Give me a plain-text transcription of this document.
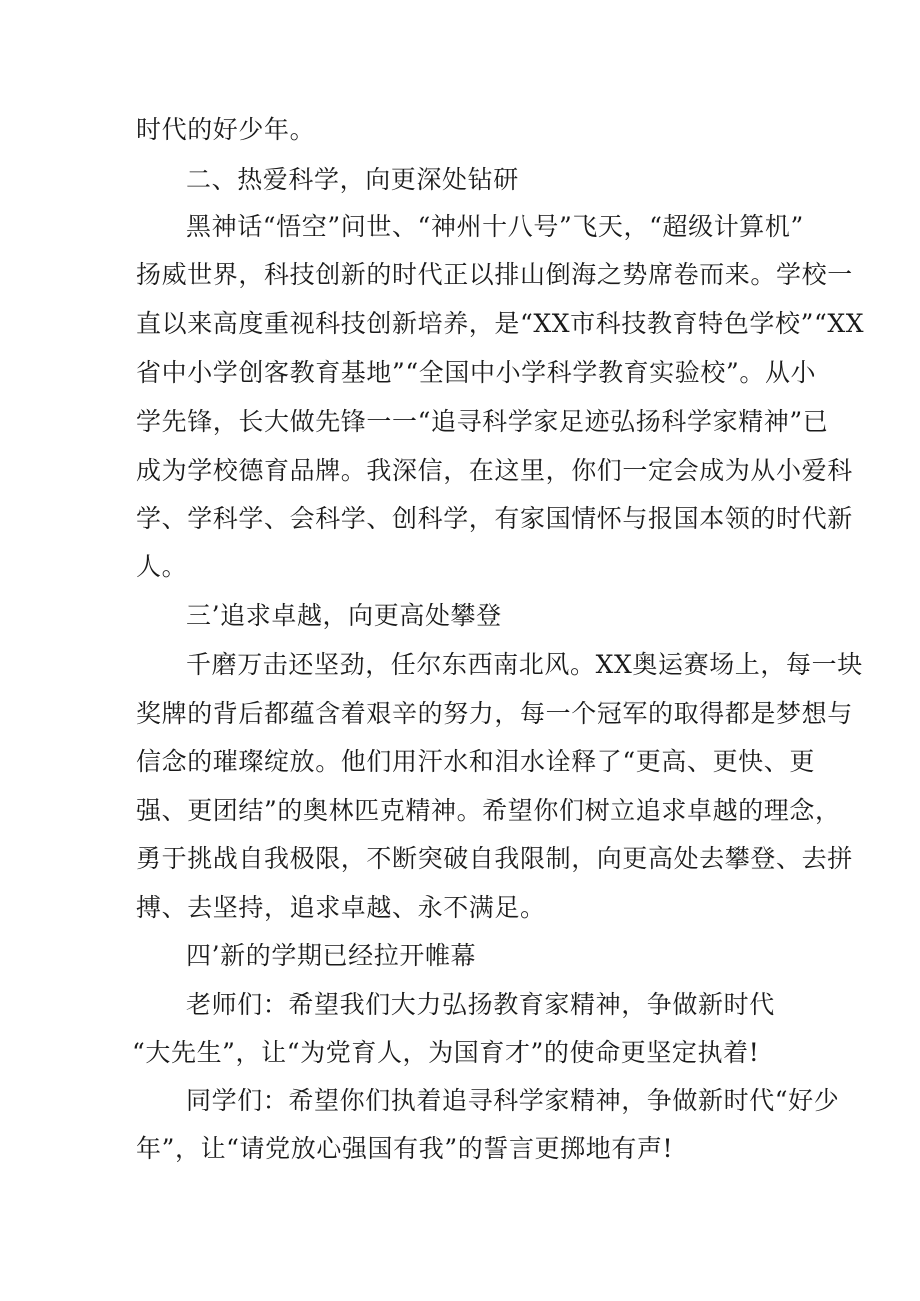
时代的好少年。
二、热爱科学，向更深处钻研
黑神话“悟空”问世、“神州十八号”飞天，“超级计算机”
扬威世界，科技创新的时代正以排山倒海之势席卷而来。学校一
直以来高度重视科技创新培养，是“XX市科技教育特色学校”“XX
省中小学创客教育基地”“全国中小学科学教育实验校”。从小
学先锋，长大做先锋一一“追寻科学家足迹弘扬科学家精神”已
成为学校德育品牌。我深信，在这里，你们一定会成为从小爱科
学、学科学、会科学、创科学，有家国情怀与报国本领的时代新
人。
三’追求卓越，向更高处攀登
千磨万击还坚劲，任尔东西南北风。XX奥运赛场上，每一块
奖牌的背后都蕴含着艰辛的努力，每一个冠军的取得都是梦想与
信念的璀璨绽放。他们用汗水和泪水诠释了“更高、更快、更
强、更团结”的奥林匹克精神。希望你们树立追求卓越的理念，
勇于挑战自我极限，不断突破自我限制，向更高处去攀登、去拼
搏、去坚持，追求卓越、永不满足。
四’新的学期已经拉开帷幕
老师们：希望我们大力弘扬教育家精神，争做新时代
“大先生”，让“为党育人，为国育才”的使命更坚定执着!
同学们：希望你们执着追寻科学家精神，争做新时代“好少
年”，让“请党放心强国有我”的誓言更掷地有声!
